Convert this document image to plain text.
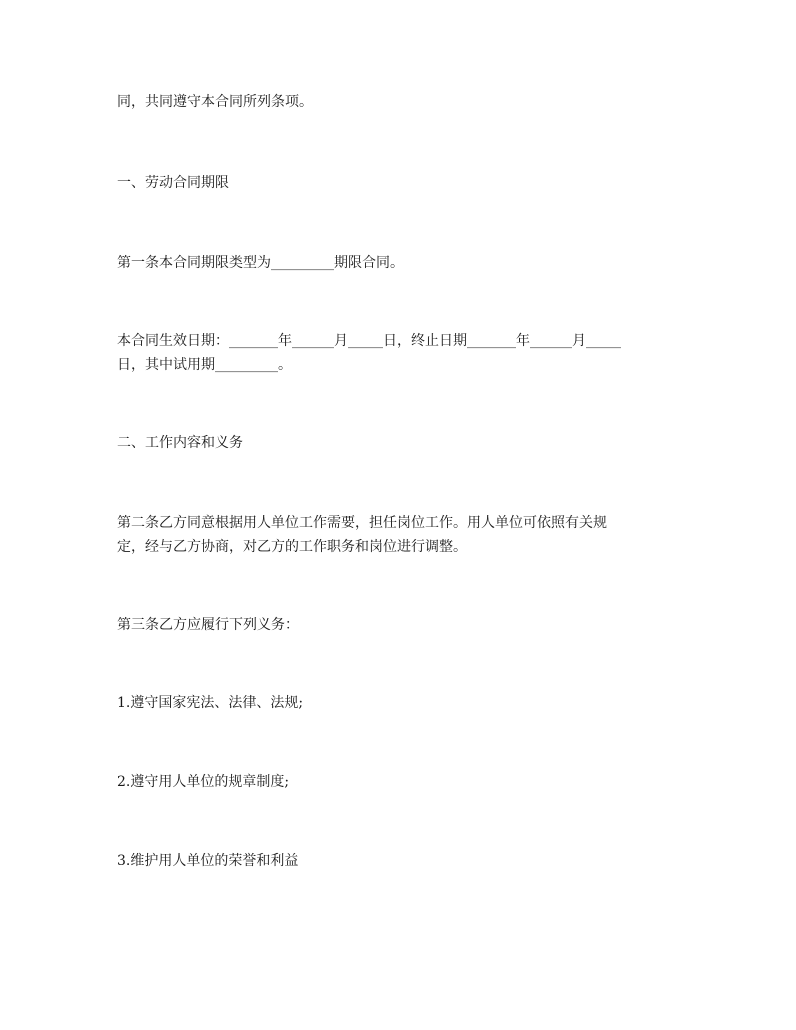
同，共同遵守本合同所列条项。

一、劳动合同期限

第一条本合同期限类型为_________期限合同。

本合同生效日期：_______年______月_____日，终止日期_______年______月_____

日，其中试用期_________。

二、工作内容和义务

第二条乙方同意根据用人单位工作需要，担任岗位工作。用人单位可依照有关规

定，经与乙方协商，对乙方的工作职务和岗位进行调整。

第三条乙方应履行下列义务：

1.遵守国家宪法、法律、法规;

2.遵守用人单位的规章制度;

3.维护用人单位的荣誉和利益
